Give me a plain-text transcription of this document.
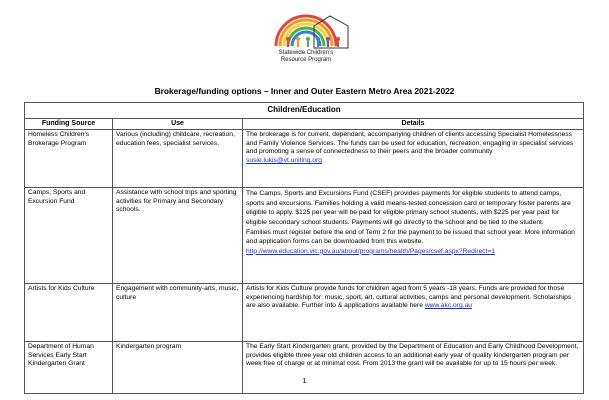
Statewide Children's
Resource Program
Brokerage/funding options – Inner and Outer Eastern Metro Area 2021-2022
Children/Education		
Funding Source	Use	Details
Homeless Children's Brokerage Program	Various (including) childcare, recreation, education fees, specialist services,	The brokerage is for current, dependant, accompanying children of clients accessing Specialist Homelessness and Family Violence Services. The funds can be used for education, recreation, engaging in specialist services and promoting a sense of connectedness to their peers and the broader community
susie.lukis@vt.uniting.org
Camps, Sports and Excursion Fund	Assistance with school trips and sporting activities for Primary and Secondary schools.	The Camps, Sports and Excursions Fund (CSEF) provides payments for eligible students to attend camps, sports and excursions. Families holding a valid means-tested concession card or temporary foster parents are eligible to apply. $125 per year will be paid for eligible primary school students, with $225 per year paid for eligible secondary school students. Payments will go directly to the school and be tied to the student.
Families must register before the end of Term 2 for the payment to be issued that school year. More information and application forms can be downloaded from this website.
http://www.education.vic.gov.au/about/programs/health/Pages/csef.aspx?Redirect=1
Artists for Kids Culture	Engagement with community-arts, music, culture	Artists for Kids Culture provide funds for children aged from 5 years -18 years. Funds are provided for those experiencing hardship for: music, sport, art, cultural activities, camps and personal development. Scholarships are also available. Further info & applications available here www.akc.org.au
Department of Human Services Early Start Kindergarten Grant	Kindergarten program	The Early Start Kindergarten grant, provided by the Department of Education and Early Childhood Development, provides eligible three year old children access to an additional early year of quality kindergarten program per week free of charge or at minimal cost. From 2013 the grant will be available for up to 15 hours per week.
1
